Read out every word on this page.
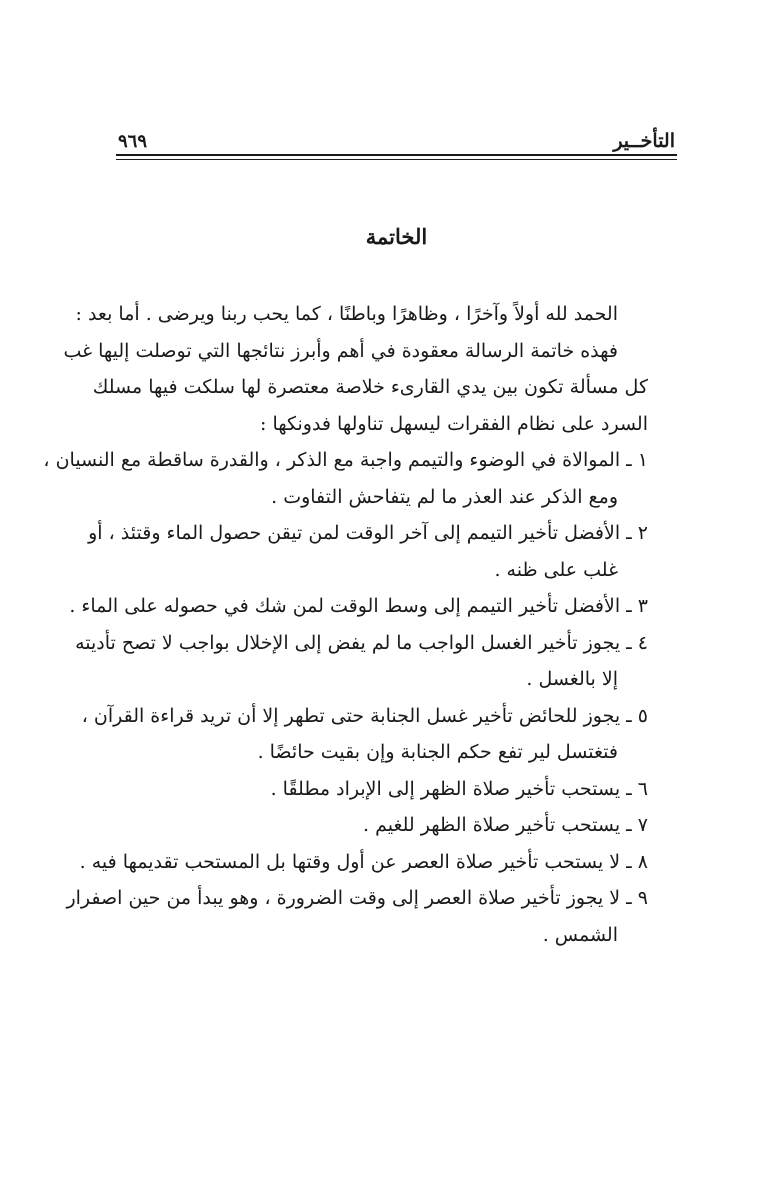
التأخــير
٩٦٩
الخاتمة
الحمد لله أولاً وآخرًا ، وظاهرًا وباطنًا ، كما يحب ربنا ويرضى . أما بعد :
فهذه خاتمة الرسالة معقودة في أهم وأبرز نتائجها التي توصلت إليها غب
كل مسألة تكون بين يدي القارىء خلاصة معتصرة لها سلكت فيها مسلك
السرد على نظام الفقرات ليسهل تناولها فدونكها :
١ ـ الموالاة في الوضوء والتيمم واجبة مع الذكر ، والقدرة ساقطة مع النسيان ،
ومع الذكر عند العذر ما لم يتفاحش التفاوت .
٢ ـ الأفضل تأخير التيمم إلى آخر الوقت لمن تيقن حصول الماء وقتئذ ، أو
غلب على ظنه .
٣ ـ الأفضل تأخير التيمم إلى وسط الوقت لمن شك في حصوله على الماء .
٤ ـ يجوز تأخير الغسل الواجب ما لم يفض إلى الإخلال بواجب لا تصح تأديته
إلا بالغسل .
٥ ـ يجوز للحائض تأخير غسل الجنابة حتى تطهر إلا أن تريد قراءة القرآن ،
فتغتسل لير تفع حكم الجنابة وإن بقيت حائضًا .
٦ ـ يستحب تأخير صلاة الظهر إلى الإبراد مطلقًا .
٧ ـ يستحب تأخير صلاة الظهر للغيم .
٨ ـ لا يستحب تأخير صلاة العصر عن أول وقتها بل المستحب تقديمها فيه .
٩ ـ لا يجوز تأخير صلاة العصر إلى وقت الضرورة ، وهو يبدأ من حين اصفرار
الشمس .
